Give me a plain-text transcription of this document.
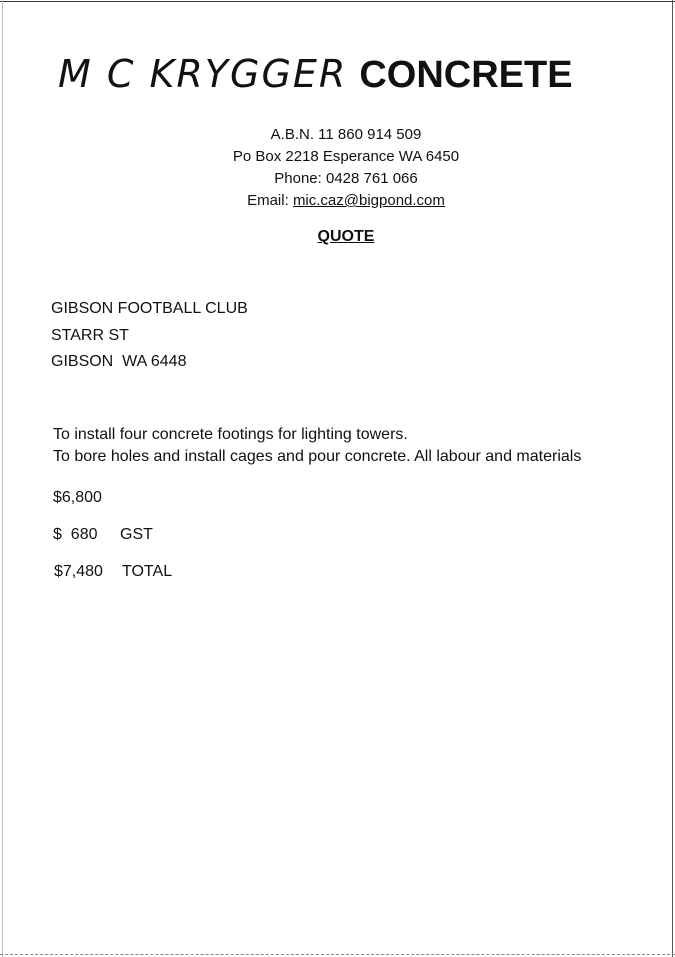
M C KRYGGER CONCRETE
A.B.N. 11 860 914 509
Po Box 2218 Esperance WA 6450
Phone: 0428 761 066
Email: mic.caz@bigpond.com
QUOTE
GIBSON FOOTBALL CLUB
STARR ST
GIBSON  WA 6448
To install four concrete footings for lighting towers.
To bore holes and install cages and pour concrete. All labour and materials
$6,800
$  680 GST
$7,480 TOTAL
